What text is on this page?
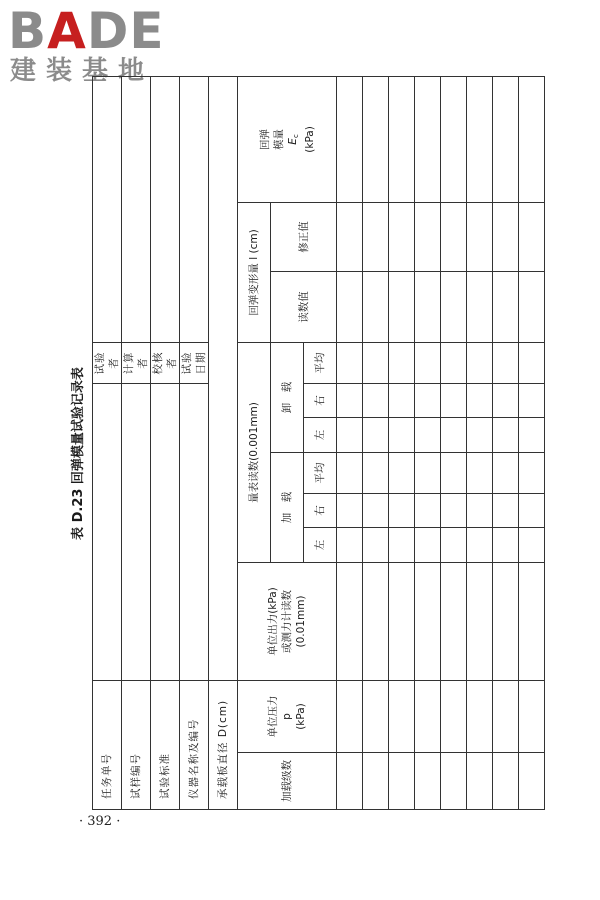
BADE
建装基地
表 D.23 回弹模量试验记录表
任务单号								试验者			
试样编号								计算者			
试验标准								校核者			
仪器名称及编号								试验日期			
承载板直径 D(cm)											
加载级数	单位压力 p (kPa)	单位出力(kPa) 或测力计读数 (0.01mm)	量表读数(0.001mm)						回弹变形量 l (cm)		回弹 模量 $E_c$ (kPa)

			加　载			卸　载			读数值	修正值	
			左	右	平均	左	右	平均			

· 392 ·
